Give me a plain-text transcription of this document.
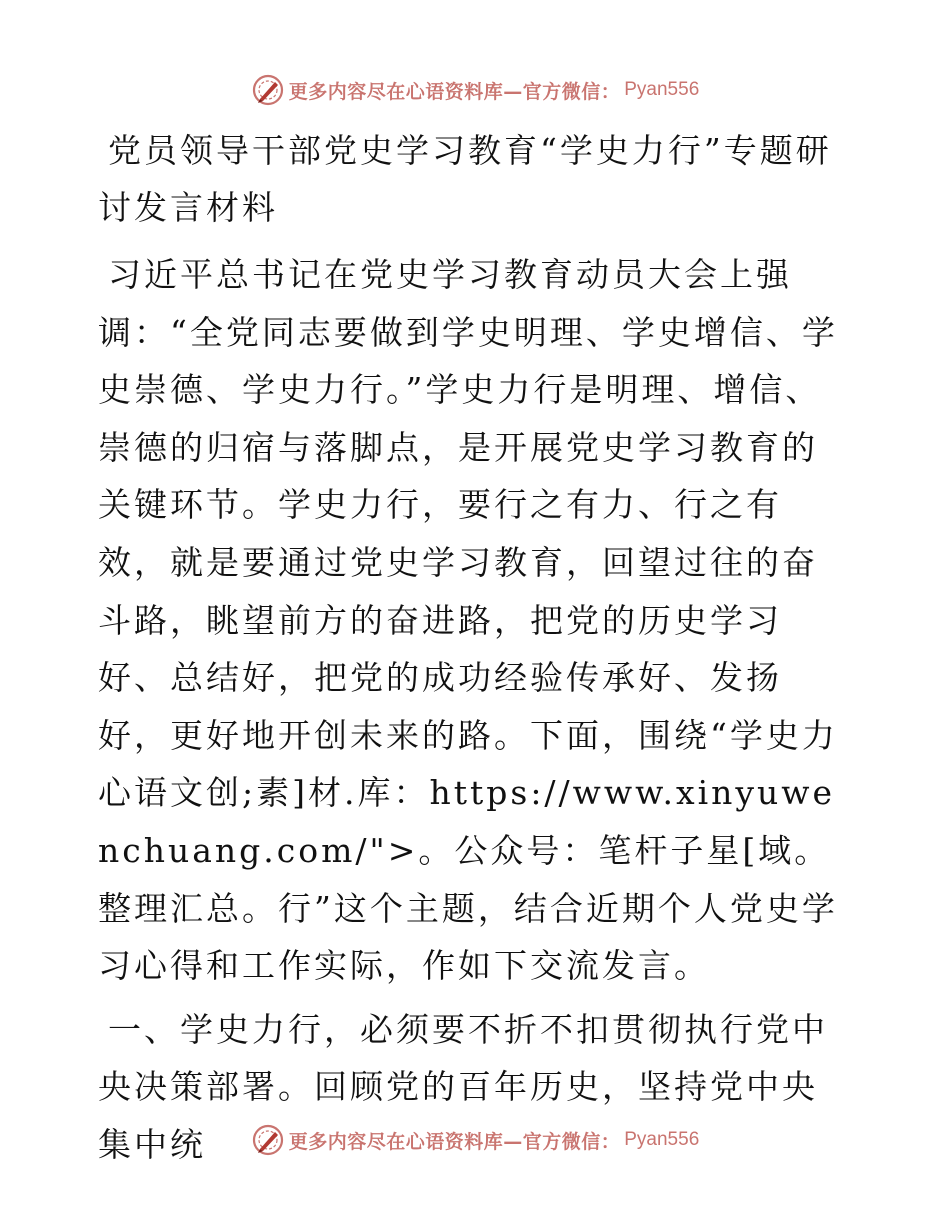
更多内容尽在心语资料库—官方微信： Pyan556
党员领导干部党史学习教育“学史力行”专题研讨发言材料

习近平总书记在党史学习教育动员大会上强调：“全党同志要做到学史明理、学史增信、学史崇德、学史力行。”学史力行是明理、增信、崇德的归宿与落脚点，是开展党史学习教育的关键环节。学史力行，要行之有力、行之有效，就是要通过党史学习教育，回望过往的奋斗路，眺望前方的奋进路，把党的历史学习好、总结好，把党的成功经验传承好、发扬好，更好地开创未来的路。下面，围绕“学史力心语文创;素]材.库：https://www.xinyuwenchuang.com/">。公众号：笔杆子星[域。整理汇总。行”这个主题，结合近期个人党史学习心得和工作实际，作如下交流发言。

一、学史力行，必须要不折不扣贯彻执行党中央决策部署。回顾党的百年历史，坚持党中央集中统	更多内容尽在心语资料库—官方微信： Pyan556
